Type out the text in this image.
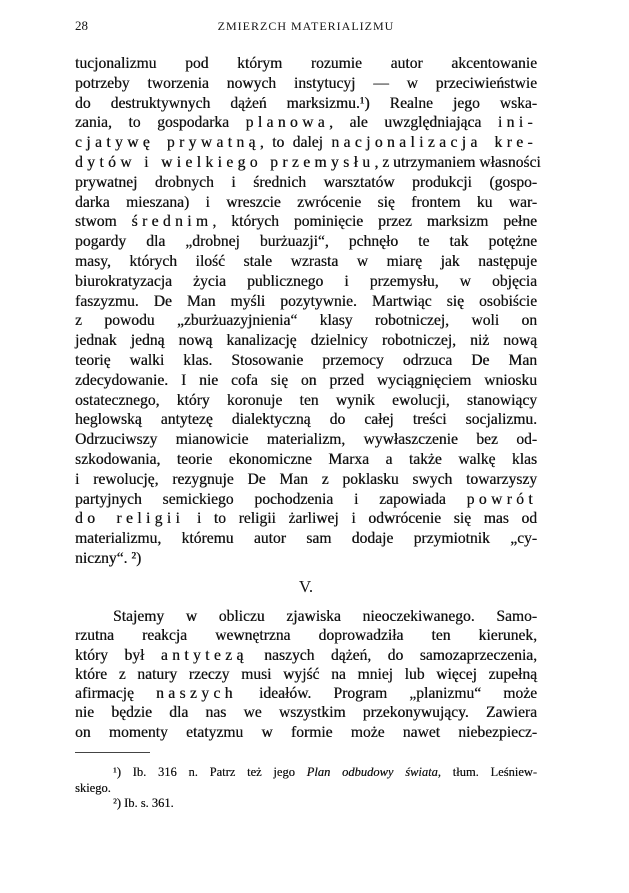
28	ZMIERZCH MATERIALIZMU
tucjonalizmu pod którym rozumie autor akcentowanie
potrzeby tworzenia nowych instytucyj — w przeciwieństwie
do destruktywnych dążeń marksizmu.¹) Realne jego wska-
zania, to gospodarka planowa, ale uwzględniająca ini-
cjatywę prywatną, to dalej nacjonalizacja kre-
dytów i wielkiego przemysłu, z utrzymaniem własności
prywatnej drobnych i średnich warsztatów produkcji (gospo-
darka mieszana) i wreszcie zwrócenie się frontem ku war-
stwom średnim, których pominięcie przez marksizm pełne
pogardy dla „drobnej burżuazji“, pchnęło te tak potężne
masy, których ilość stale wzrasta w miarę jak następuje
biurokratyzacja życia publicznego i przemysłu, w objęcia
faszyzmu. De Man myśli pozytywnie. Martwiąc się osobiście
z powodu „zburżuazyjnienia“ klasy robotniczej, woli on
jednak jedną nową kanalizację dzielnicy robotniczej, niż nową
teorię walki klas. Stosowanie przemocy odrzuca De Man
zdecydowanie. I nie cofa się on przed wyciągnięciem wniosku
ostatecznego, który koronuje ten wynik ewolucji, stanowiący
heglowską antytezę dialektyczną do całej treści socjalizmu.
Odrzuciwszy mianowicie materializm, wywłaszczenie bez od-
szkodowania, teorie ekonomiczne Marxa a także walkę klas
i rewolucję, rezygnuje De Man z poklasku swych towarzyszy
partyjnych semickiego pochodzenia i zapowiada powrót
do religii i to religii żarliwej i odwrócenie się mas od
materializmu, któremu autor sam dodaje przymiotnik „cy-
niczny“. ²)
V.
Stajemy w obliczu zjawiska nieoczekiwanego. Samo-
rzutna reakcja wewnętrzna doprowadziła ten kierunek,
który był antytezą naszych dążeń, do samozaprzeczenia,
które z natury rzeczy musi wyjść na mniej lub więcej zupełną
afirmację naszych ideałów. Program „planizmu“ może
nie będzie dla nas we wszystkim przekonywujący. Zawiera
on momenty etatyzmu w formie może nawet niebezpiecz-
¹) Ib. 316 n. Patrz też jego Plan odbudowy świata, tłum. Leśniew-
skiego.
²) Ib. s. 361.
